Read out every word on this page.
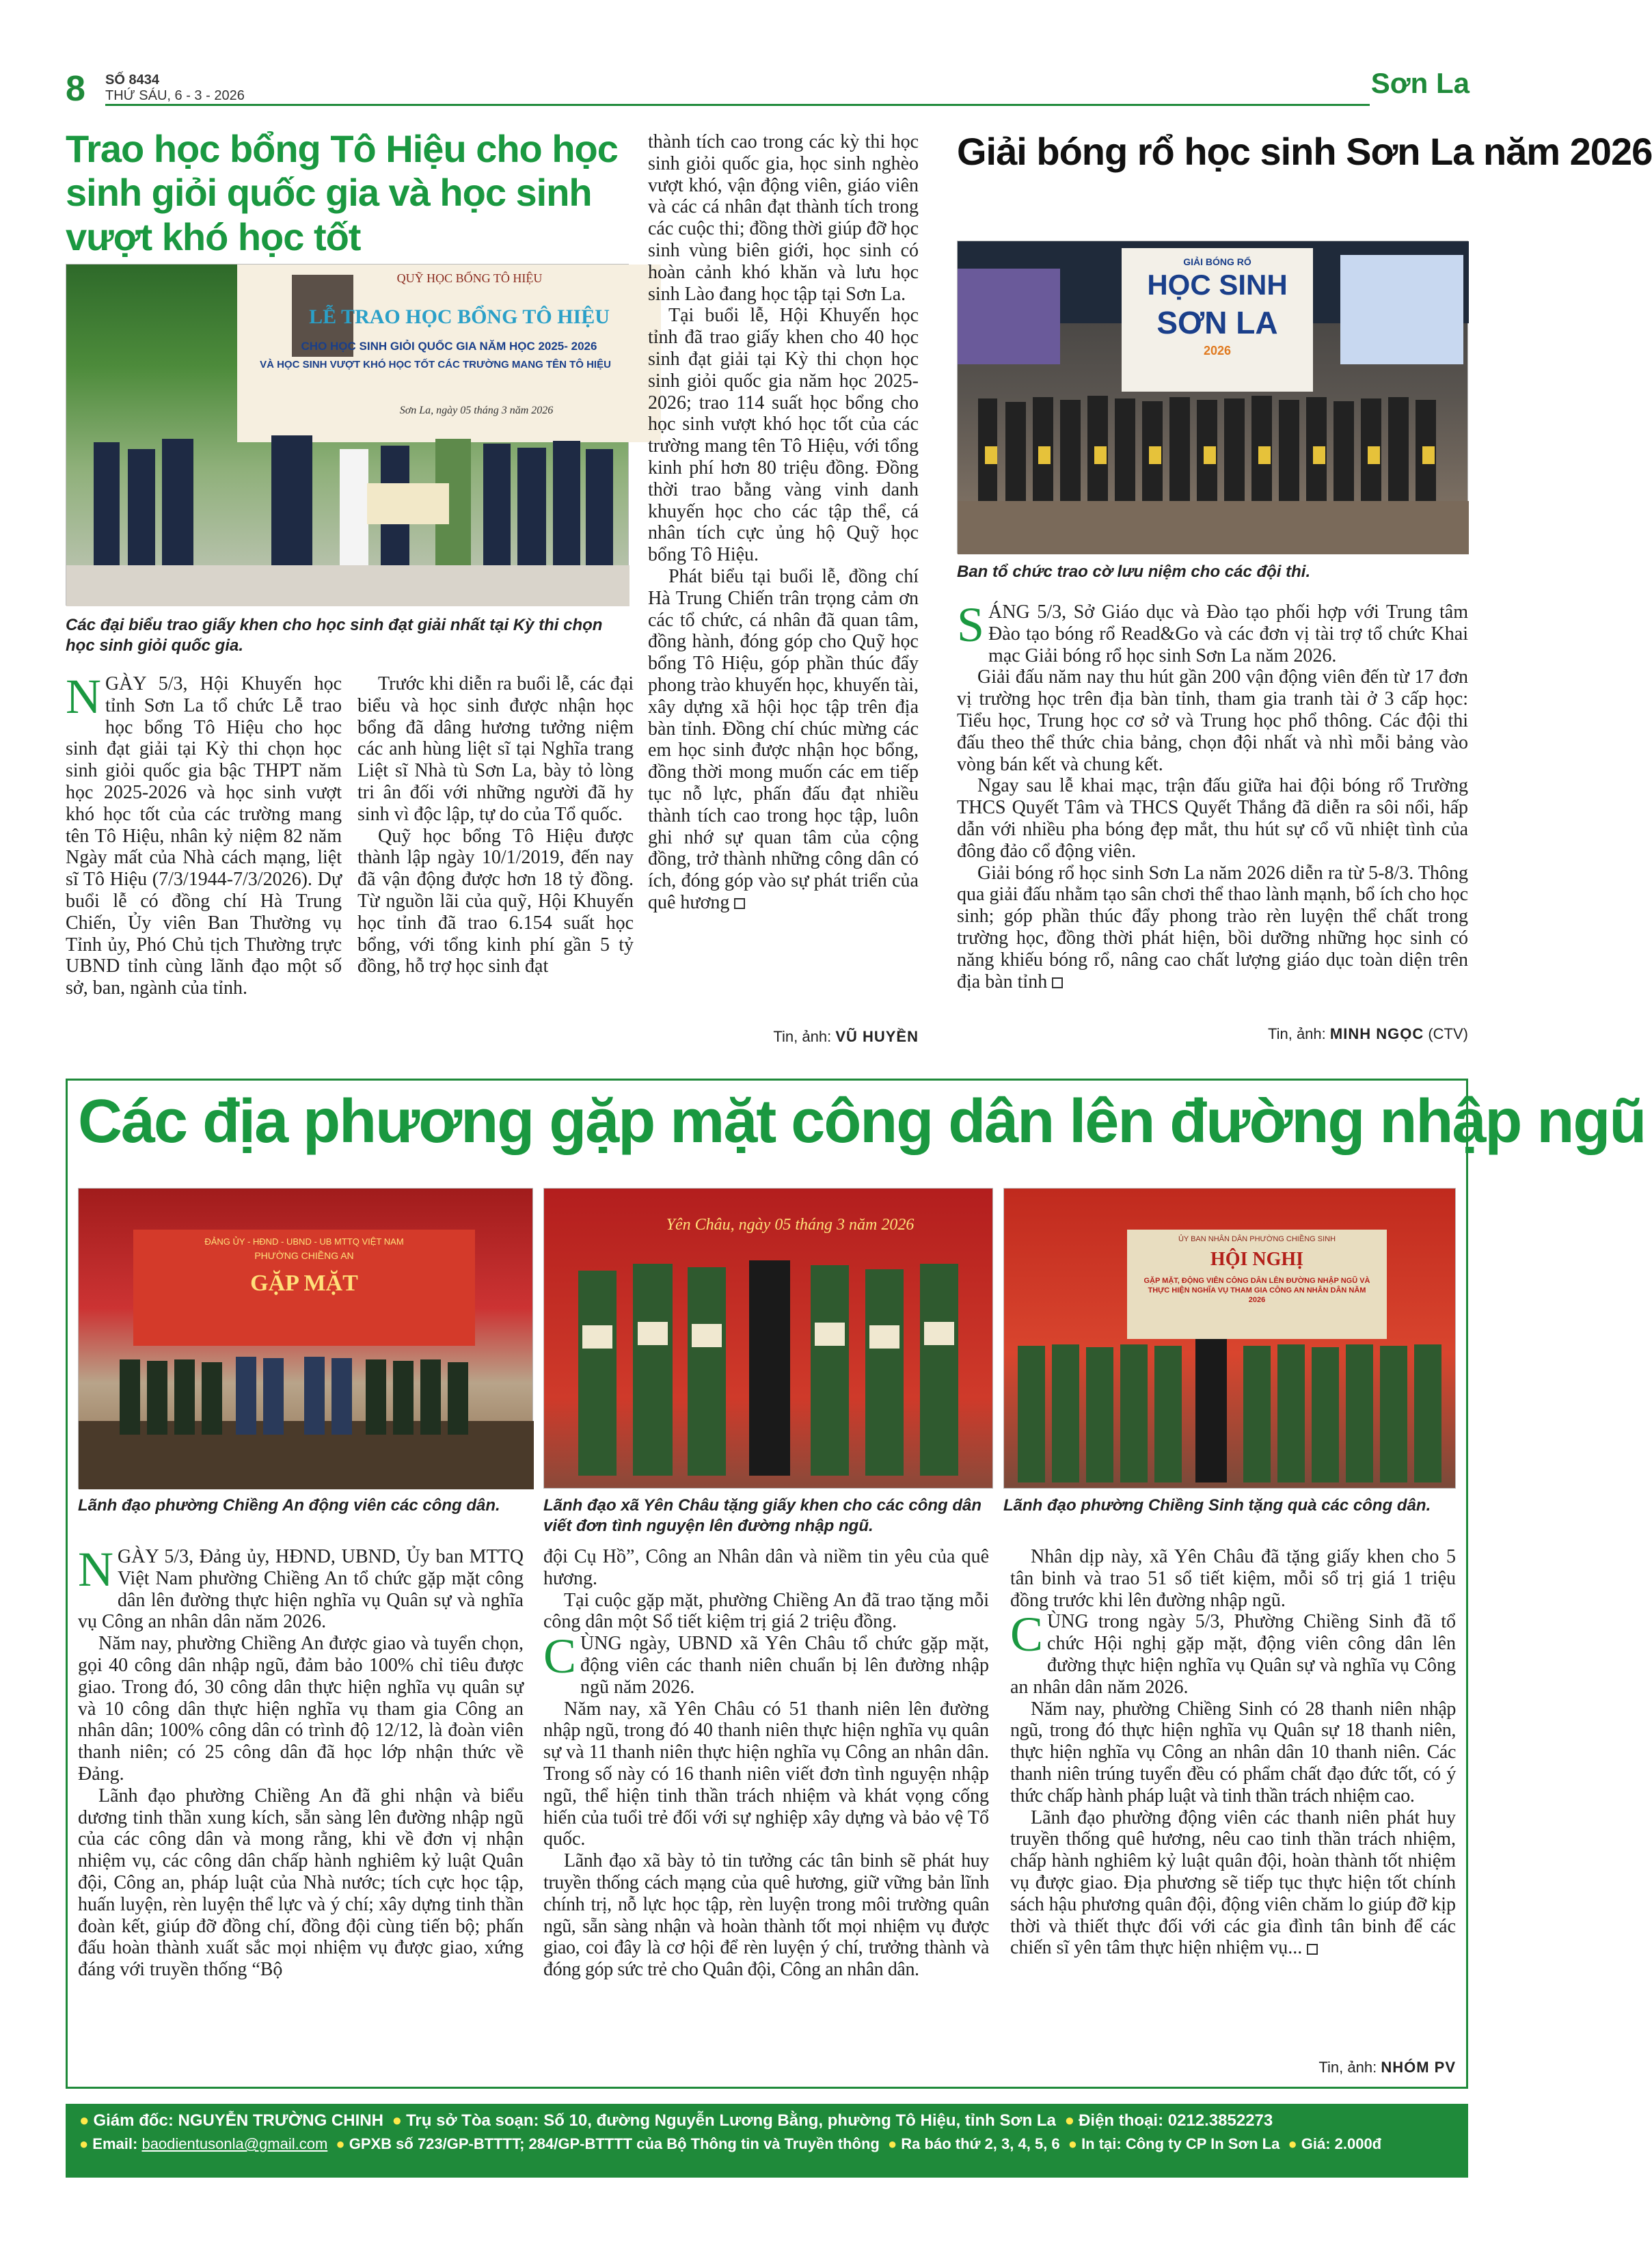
8 SỐ 8434
THỨ SÁU, 6 - 3 - 2026	Sơn La
Trao học bổng Tô Hiệu cho học sinh giỏi quốc gia và học sinh vượt khó học tốt
QUỸ HỌC BỔNG TÔ HIỆU
LỄ TRAO HỌC BỔNG TÔ HIỆU
CHO HỌC SINH GIỎI QUỐC GIA NĂM HỌC 2025- 2026
VÀ HỌC SINH VƯỢT KHÓ HỌC TỐT CÁC TRƯỜNG MANG TÊN TÔ HIỆU
Sơn La, ngày 05 tháng 3 năm 2026
Các đại biểu trao giấy khen cho học sinh đạt giải nhất tại Kỳ thi chọn học sinh giỏi quốc gia.

NGÀY 5/3, Hội Khuyến học tỉnh Sơn La tổ chức Lễ trao học bổng Tô Hiệu cho học sinh đạt giải tại Kỳ thi chọn học sinh giỏi quốc gia bậc THPT năm học 2025-2026 và học sinh vượt khó học tốt của các trường mang tên Tô Hiệu, nhân kỷ niệm 82 năm Ngày mất của Nhà cách mạng, liệt sĩ Tô Hiệu (7/3/1944-7/3/2026). Dự buổi lễ có đồng chí Hà Trung Chiến, Ủy viên Ban Thường vụ Tỉnh ủy, Phó Chủ tịch Thường trực UBND tỉnh cùng lãnh đạo một số sở, ban, ngành của tỉnh.

Trước khi diễn ra buổi lễ, các đại biểu và học sinh được nhận học bổng đã dâng hương tưởng niệm các anh hùng liệt sĩ tại Nghĩa trang Liệt sĩ Nhà tù Sơn La, bày tỏ lòng tri ân đối với những người đã hy sinh vì độc lập, tự do của Tổ quốc.

Quỹ học bổng Tô Hiệu được thành lập ngày 10/1/2019, đến nay đã vận động được hơn 18 tỷ đồng. Từ nguồn lãi của quỹ, Hội Khuyến học tỉnh đã trao 6.154 suất học bổng, với tổng kinh phí gần 5 tỷ đồng, hỗ trợ học sinh đạt

thành tích cao trong các kỳ thi học sinh giỏi quốc gia, học sinh nghèo vượt khó, vận động viên, giáo viên và các cá nhân đạt thành tích trong các cuộc thi; đồng thời giúp đỡ học sinh vùng biên giới, học sinh có hoàn cảnh khó khăn và lưu học sinh Lào đang học tập tại Sơn La.

Tại buổi lễ, Hội Khuyến học tỉnh đã trao giấy khen cho 40 học sinh đạt giải tại Kỳ thi chọn học sinh giỏi quốc gia năm học 2025-2026; trao 114 suất học bổng cho học sinh vượt khó học tốt của các trường mang tên Tô Hiệu, với tổng kinh phí hơn 80 triệu đồng. Đồng thời trao bằng vàng vinh danh khuyến học cho các tập thể, cá nhân tích cực ủng hộ Quỹ học bổng Tô Hiệu.

Phát biểu tại buổi lễ, đồng chí Hà Trung Chiến trân trọng cảm ơn các tổ chức, cá nhân đã quan tâm, đồng hành, đóng góp cho Quỹ học bổng Tô Hiệu, góp phần thúc đẩy phong trào khuyến học, khuyến tài, xây dựng xã hội học tập trên địa bàn tỉnh. Đồng chí chúc mừng các em học sinh được nhận học bổng, đồng thời mong muốn các em tiếp tục nỗ lực, phấn đấu đạt nhiều thành tích cao trong học tập, luôn ghi nhớ sự quan tâm của cộng đồng, trở thành những công dân có ích, đóng góp vào sự phát triển của quê hương

Tin, ảnh: VŨ HUYỀN
Giải bóng rổ học sinh Sơn La năm 2026
GIẢI BÓNG RỔ
HỌC SINH
SƠN LA
2026
Ban tổ chức trao cờ lưu niệm cho các đội thi.

SÁNG 5/3, Sở Giáo dục và Đào tạo phối hợp với Trung tâm Đào tạo bóng rổ Read&Go và các đơn vị tài trợ tổ chức Khai mạc Giải bóng rổ học sinh Sơn La năm 2026.

Giải đấu năm nay thu hút gần 200 vận động viên đến từ 17 đơn vị trường học trên địa bàn tỉnh, tham gia tranh tài ở 3 cấp học: Tiểu học, Trung học cơ sở và Trung học phổ thông. Các đội thi đấu theo thể thức chia bảng, chọn đội nhất và nhì mỗi bảng vào vòng bán kết và chung kết.

Ngay sau lễ khai mạc, trận đấu giữa hai đội bóng rổ Trường THCS Quyết Tâm và THCS Quyết Thắng đã diễn ra sôi nổi, hấp dẫn với nhiều pha bóng đẹp mắt, thu hút sự cổ vũ nhiệt tình của đông đảo cổ động viên.

Giải bóng rổ học sinh Sơn La năm 2026 diễn ra từ 5-8/3. Thông qua giải đấu nhằm tạo sân chơi thể thao lành mạnh, bổ ích cho học sinh; góp phần thúc đẩy phong trào rèn luyện thể chất trong trường học, đồng thời phát hiện, bồi dưỡng những học sinh có năng khiếu bóng rổ, nâng cao chất lượng giáo dục toàn diện trên địa bàn tỉnh

Tin, ảnh: MINH NGỌC (CTV)
Các địa phương gặp mặt công dân lên đường nhập ngũ
ĐẢNG ỦY - HĐND - UBND - UB MTTQ VIỆT NAM
PHƯỜNG CHIỀNG AN
GẶP MẶT
Yên Châu, ngày 05 tháng 3 năm 2026
ỦY BAN NHÂN DÂN PHƯỜNG CHIỀNG SINH
HỘI NGHỊ
GẶP MẶT, ĐỘNG VIÊN CÔNG DÂN LÊN ĐƯỜNG NHẬP NGŨ VÀ THỰC HIỆN NGHĨA VỤ THAM GIA CÔNG AN NHÂN DÂN NĂM 2026
Lãnh đạo phường Chiềng An động viên các công dân.	Lãnh đạo xã Yên Châu tặng giấy khen cho các công dân viết đơn tình nguyện lên đường nhập ngũ.
Lãnh đạo phường Chiềng Sinh tặng quà các công dân.

NGÀY 5/3, Đảng ủy, HĐND, UBND, Ủy ban MTTQ Việt Nam phường Chiềng An tổ chức gặp mặt công dân lên đường thực hiện nghĩa vụ Quân sự và nghĩa vụ Công an nhân dân năm 2026.

Năm nay, phường Chiềng An được giao và tuyển chọn, gọi 40 công dân nhập ngũ, đảm bảo 100% chỉ tiêu được giao. Trong đó, 30 công dân thực hiện nghĩa vụ quân sự và 10 công dân thực hiện nghĩa vụ tham gia Công an nhân dân; 100% công dân có trình độ 12/12, là đoàn viên thanh niên; có 25 công dân đã học lớp nhận thức về Đảng.

Lãnh đạo phường Chiềng An đã ghi nhận và biểu dương tinh thần xung kích, sẵn sàng lên đường nhập ngũ của các công dân và mong rằng, khi về đơn vị nhận nhiệm vụ, các công dân chấp hành nghiêm kỷ luật Quân đội, Công an, pháp luật của Nhà nước; tích cực học tập, huấn luyện, rèn luyện thể lực và ý chí; xây dựng tinh thần đoàn kết, giúp đỡ đồng chí, đồng đội cùng tiến bộ; phấn đấu hoàn thành xuất sắc mọi nhiệm vụ được giao, xứng đáng với truyền thống “Bộ

đội Cụ Hồ”, Công an Nhân dân và niềm tin yêu của quê hương.

Tại cuộc gặp mặt, phường Chiềng An đã trao tặng mỗi công dân một Sổ tiết kiệm trị giá 2 triệu đồng.

CÙNG ngày, UBND xã Yên Châu tổ chức gặp mặt, động viên các thanh niên chuẩn bị lên đường nhập ngũ năm 2026.

Năm nay, xã Yên Châu có 51 thanh niên lên đường nhập ngũ, trong đó 40 thanh niên thực hiện nghĩa vụ quân sự và 11 thanh niên thực hiện nghĩa vụ Công an nhân dân. Trong số này có 16 thanh niên viết đơn tình nguyện nhập ngũ, thể hiện tinh thần trách nhiệm và khát vọng cống hiến của tuổi trẻ đối với sự nghiệp xây dựng và bảo vệ Tổ quốc.

Lãnh đạo xã bày tỏ tin tưởng các tân binh sẽ phát huy truyền thống cách mạng của quê hương, giữ vững bản lĩnh chính trị, nỗ lực học tập, rèn luyện trong môi trường quân ngũ, sẵn sàng nhận và hoàn thành tốt mọi nhiệm vụ được giao, coi đây là cơ hội để rèn luyện ý chí, trưởng thành và đóng góp sức trẻ cho Quân đội, Công an nhân dân.

Nhân dịp này, xã Yên Châu đã tặng giấy khen cho 5 tân binh và trao 51 sổ tiết kiệm, mỗi sổ trị giá 1 triệu đồng trước khi lên đường nhập ngũ.

CÙNG trong ngày 5/3, Phường Chiềng Sinh đã tổ chức Hội nghị gặp mặt, động viên công dân lên đường thực hiện nghĩa vụ Quân sự và nghĩa vụ Công an nhân dân năm 2026.

Năm nay, phường Chiềng Sinh có 28 thanh niên nhập ngũ, trong đó thực hiện nghĩa vụ Quân sự 18 thanh niên, thực hiện nghĩa vụ Công an nhân dân 10 thanh niên. Các thanh niên trúng tuyển đều có phẩm chất đạo đức tốt, có ý thức chấp hành pháp luật và tinh thần trách nhiệm cao.

Lãnh đạo phường động viên các thanh niên phát huy truyền thống quê hương, nêu cao tinh thần trách nhiệm, chấp hành nghiêm kỷ luật quân đội, hoàn thành tốt nhiệm vụ được giao. Địa phương sẽ tiếp tục thực hiện tốt chính sách hậu phương quân đội, động viên chăm lo giúp đỡ kịp thời và thiết thực đối với các gia đình tân binh để các chiến sĩ yên tâm thực hiện nhiệm vụ...

Tin, ảnh: NHÓM PV
● Giám đốc: NGUYỄN TRƯỜNG CHINH ● Trụ sở Tòa soạn: Số 10, đường Nguyễn Lương Bằng, phường Tô Hiệu, tỉnh Sơn La ● Điện thoại: 0212.3852273
● Email: baodientusonla@gmail.com ● GPXB số 723/GP-BTTTT; 284/GP-BTTTT của Bộ Thông tin và Truyền thông ● Ra báo thứ 2, 3, 4, 5, 6 ● In tại: Công ty CP In Sơn La ● Giá: 2.000đ
